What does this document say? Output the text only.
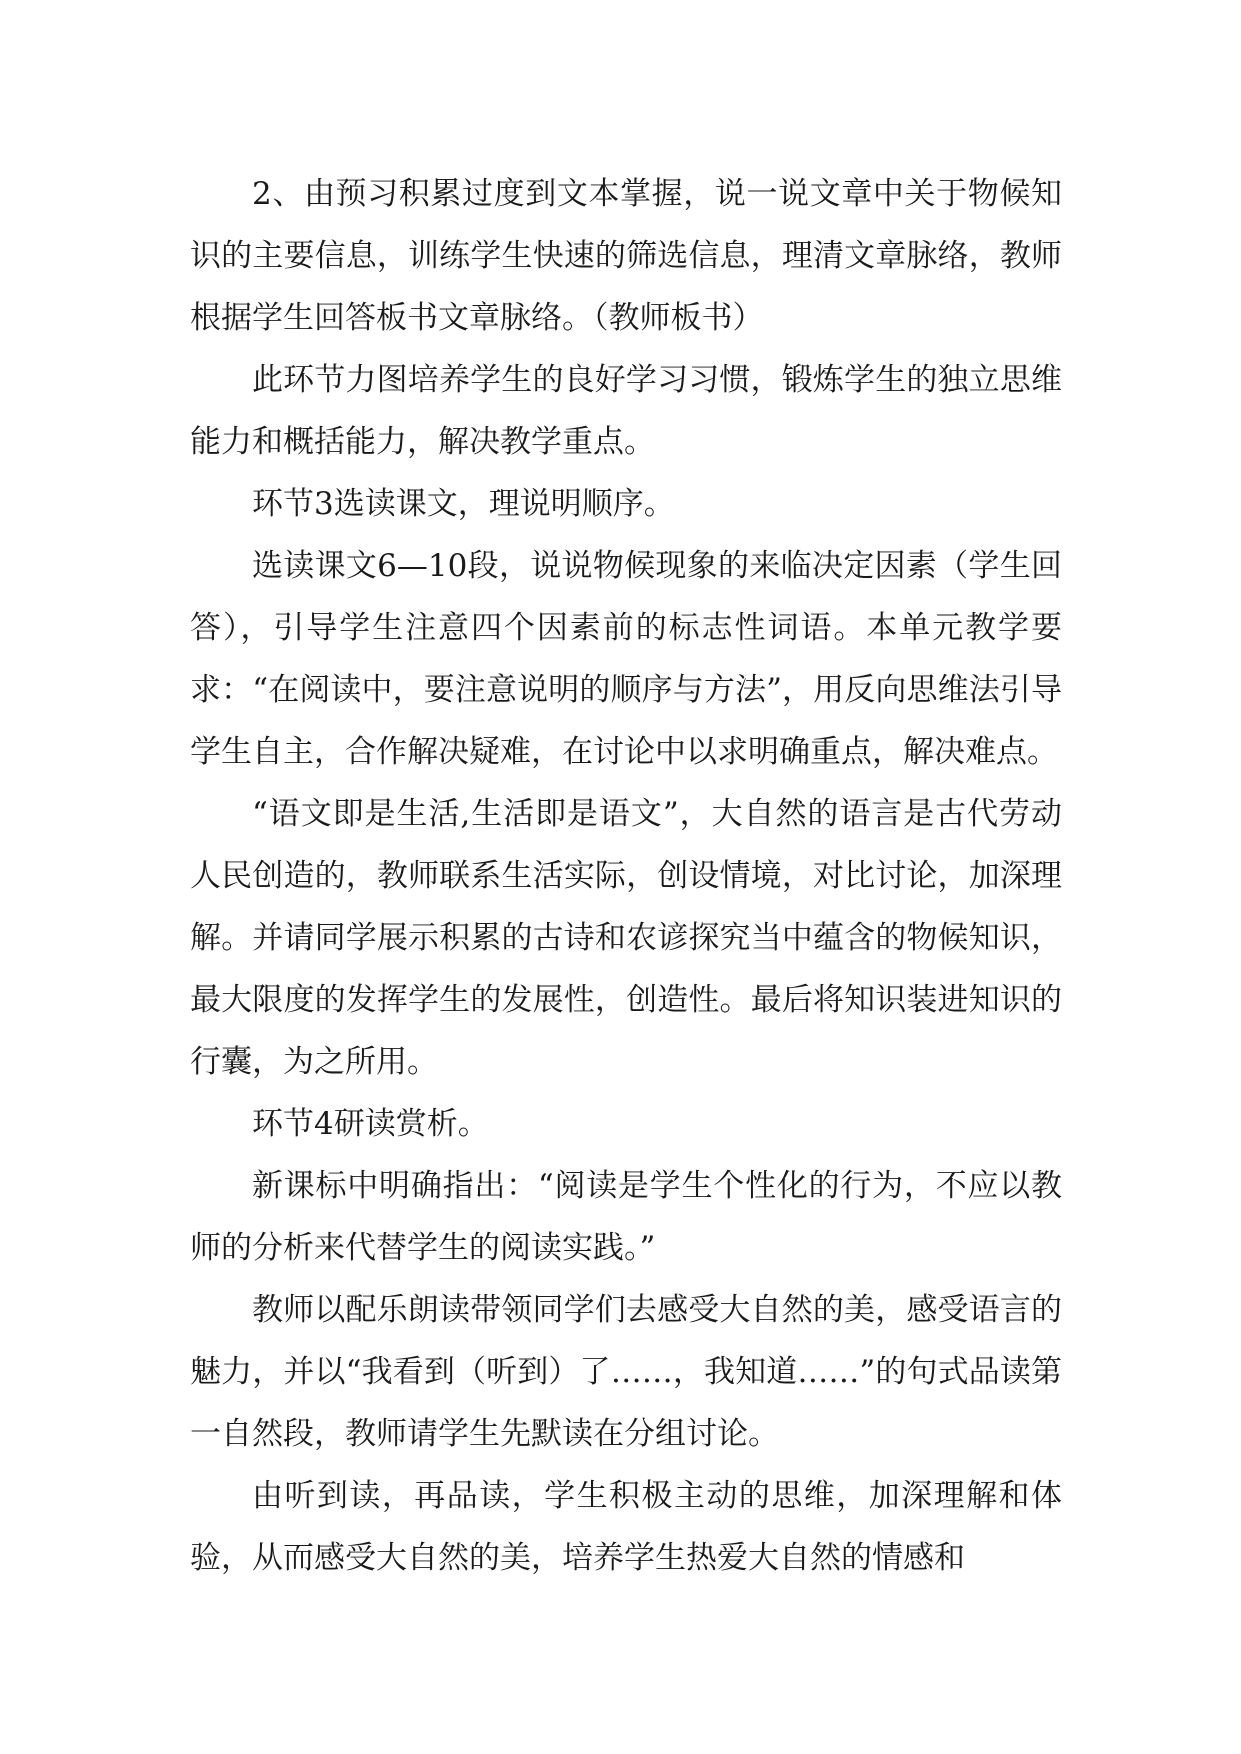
2、由预习积累过度到文本掌握，说一说文章中关于物候知识的主要信息，训练学生快速的筛选信息，理清文章脉络，教师根据学生回答板书文章脉络。（教师板书）

此环节力图培养学生的良好学习习惯，锻炼学生的独立思维能力和概括能力，解决教学重点。

环节3选读课文，理说明顺序。

选读课文6—10段，说说物候现象的来临决定因素（学生回答），引导学生注意四个因素前的标志性词语。本单元教学要求：“在阅读中，要注意说明的顺序与方法”，用反向思维法引导学生自主，合作解决疑难，在讨论中以求明确重点，解决难点。

“语文即是生活,生活即是语文”，大自然的语言是古代劳动人民创造的，教师联系生活实际，创设情境，对比讨论，加深理解。并请同学展示积累的古诗和农谚探究当中蕴含的物候知识，最大限度的发挥学生的发展性，创造性。最后将知识装进知识的行囊，为之所用。

环节4研读赏析。

新课标中明确指出：“阅读是学生个性化的行为，不应以教师的分析来代替学生的阅读实践。”

教师以配乐朗读带领同学们去感受大自然的美，感受语言的魅力，并以“我看到（听到）了……，我知道……”的句式品读第一自然段，教师请学生先默读在分组讨论。

由听到读，再品读，学生积极主动的思维，加深理解和体验，从而感受大自然的美，培养学生热爱大自然的情感和
